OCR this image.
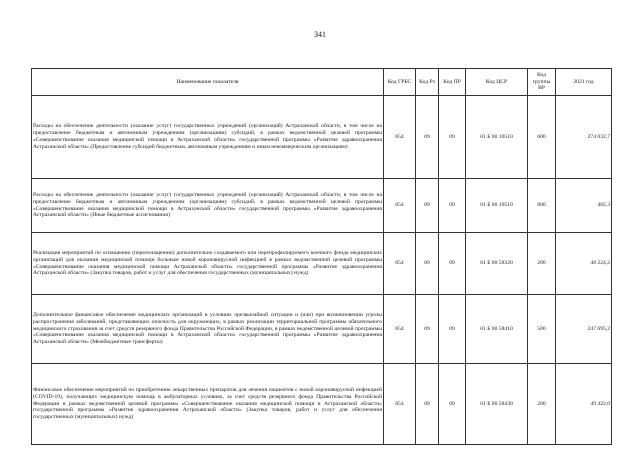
341
Наименование показателя	Код ГРБС	Код Рз	Код ПР	Код ЦСР	Код группы ВР	2021 год
Расходы на обеспечение деятельности (оказание услуг) государственных учреждений (организаций) Астраханской области, в том числе на предоставление бюджетным и автономным учреждениям (организациям) субсидий, в рамках ведомственной целевой программы «Совершенствование оказания медицинской помощи в Астраханской области» государственной программы «Развитие здравоохранения Астраханской области» (Предоставление субсидий бюджетным, автономным учреждениям и иным некоммерческим организациям)	854	09	09	01 Б 00 10510	600	274 032,7
Расходы на обеспечение деятельности (оказание услуг) государственных учреждений (организаций) Астраханской области, в том числе на предоставление бюджетным и автономным учреждениям (организациям) субсидий, в рамках ведомственной целевой программы «Совершенствование оказания медицинской помощи в Астраханской области» государственной программы «Развитие здравоохранения Астраханской области» (Иные бюджетные ассигнования)	854	09	09	01 Б 00 10510	800	482,3
Реализация мероприятий по оснащению (переоснащению) дополнительно создаваемого или перепрофилируемого коечного фонда медицинских организаций для оказания медицинской помощи больным новой коронавирусной инфекцией в рамках ведомственной целевой программы «Совершенствование оказания медицинской помощи Астраханской области» государственной программы «Развитие здравоохранения Астраханской области» (Закупка товаров, работ и услуг для обеспечения государственных (муниципальных) нужд)	854	09	09	01 Б 00 58320	200	48 224,2
Дополнительное финансовое обеспечение медицинских организаций в условиях чрезвычайной ситуации и (или) при возникновении угрозы распространения заболеваний, представляющих опасность для окружающих, в рамках реализации территориальной программы обязательного медицинского страхования за счет средств резервного фонда Правительства Российской Федерации, в рамках ведомственной целевой программы «Совершенствование оказания медицинской помощи в Астраханской области» государственной программы «Развитие здравоохранения Астраханской области» (Межбюджетные трансферты)	854	09	09	01 Б 00 58410	500	247 695,2
Финансовое обеспечение мероприятий по приобретению лекарственных препаратов для лечения пациентов с новой коронавирусной инфекцией (COVID-19), получающих медицинскую помощь в амбулаторных условиях, за счет средств резервного фонда Правительства Российской Федерации в рамках ведомственной целевой программы «Совершенствование оказания медицинской помощи в Астраханской области» государственной программы «Развитие здравоохранения Астраханской области» (Закупка товаров, работ и услуг для обеспечения государственных (муниципальных) нужд)	854	09	09	01 Б 00 58430	200	49 422,0
